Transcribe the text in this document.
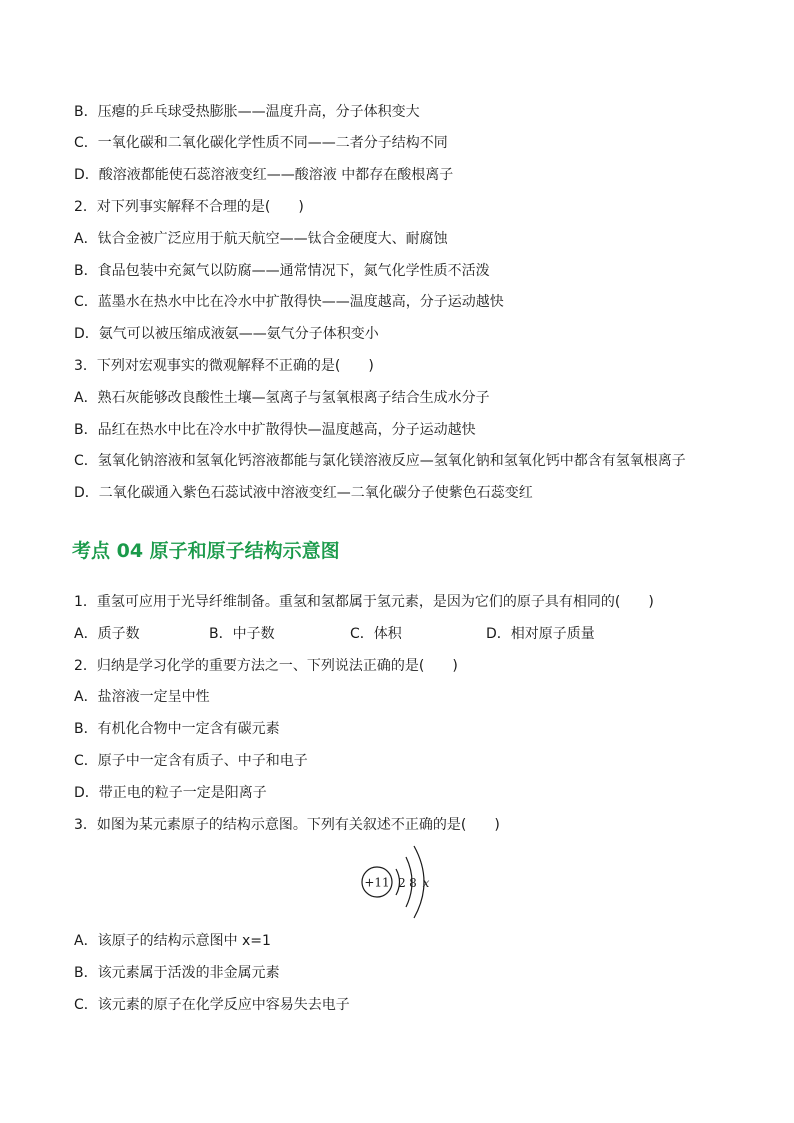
B．压瘪的乒乓球受热膨胀——温度升高，分子体积变大
C．一氧化碳和二氧化碳化学性质不同——二者分子结构不同
D．酸溶液都能使石蕊溶液变红——酸溶液 中都存在酸根离子
2．对下列事实解释不合理的是(　　)
A．钛合金被广泛应用于航天航空——钛合金硬度大、耐腐蚀
B．食品包装中充氮气以防腐——通常情况下，氮气化学性质不活泼
C．蓝墨水在热水中比在冷水中扩散得快——温度越高，分子运动越快
D．氨气可以被压缩成液氨——氨气分子体积变小
3．下列对宏观事实的微观解释不正确的是(　　)
A．熟石灰能够改良酸性土壤—氢离子与氢氧根离子结合生成水分子
B．品红在热水中比在冷水中扩散得快—温度越高，分子运动越快
C．氢氧化钠溶液和氢氧化钙溶液都能与氯化镁溶液反应—氢氧化钠和氢氧化钙中都含有氢氧根离子
D．二氧化碳通入紫色石蕊试液中溶液变红—二氧化碳分子使紫色石蕊变红
考点 04 原子和原子结构示意图
1．重氢可应用于光导纤维制备。重氢和氢都属于氢元素，是因为它们的原子具有相同的(　　)
A．质子数	B．中子数	C．体积	D．相对原子质量
2．归纳是学习化学的重要方法之一、下列说法正确的是(　　)
A．盐溶液一定呈中性
B．有机化合物中一定含有碳元素
C．原子中一定含有质子、中子和电子
D．带正电的粒子一定是阳离子
3．如图为某元素原子的结构示意图。下列有关叙述不正确的是(　　)
+11 2 8 x
A．该原子的结构示意图中 x=1
B．该元素属于活泼的非金属元素
C．该元素的原子在化学反应中容易失去电子
